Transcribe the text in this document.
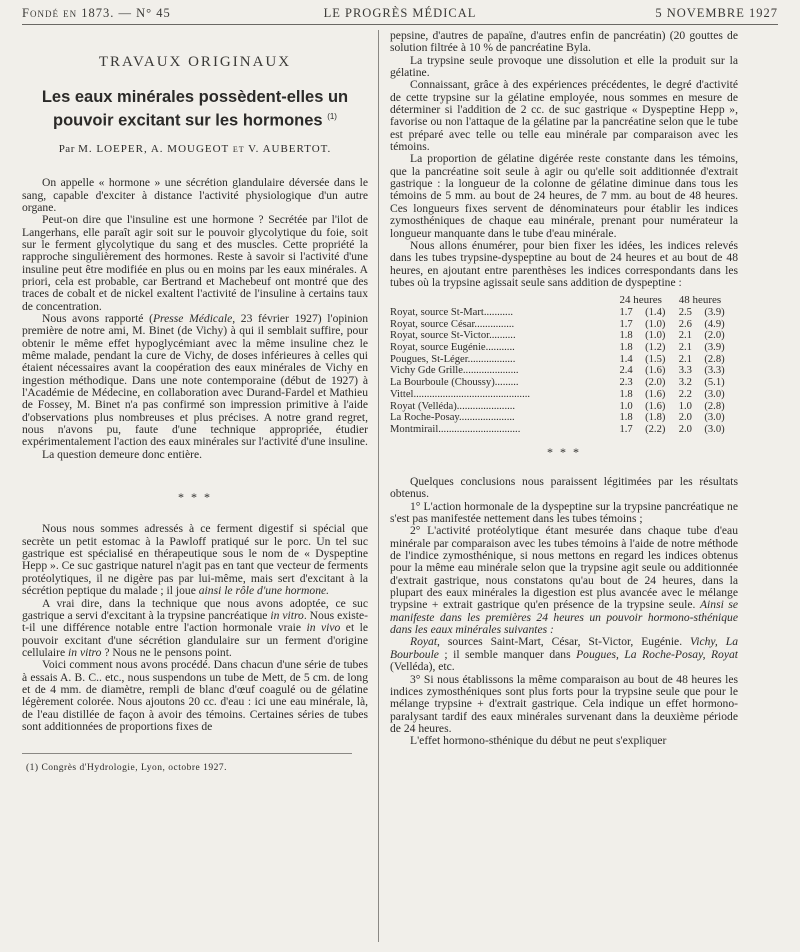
Fondé en 1873. — N° 45	LE PROGRÈS MÉDICAL	5 NOVEMBRE 1927
TRAVAUX ORIGINAUX
Les eaux minérales possèdent-elles un pouvoir excitant sur les hormones $^{(1)}$
Par M. LOEPER, A. MOUGEOT et V. AUBERTOT.

On appelle « hormone » une sécrétion glandulaire déversée dans le sang, capable d'exciter à distance l'activité physiologique d'un autre organe.

Peut-on dire que l'insuline est une hormone ? Secrétée par l'ilot de Langerhans, elle paraît agir soit sur le pouvoir glycolytique du foie, soit sur le ferment glycolytique du sang et des muscles. Cette propriété la rapproche singulièrement des hormones. Reste à savoir si l'activité d'une insuline peut être modifiée en plus ou en moins par les eaux minérales. A priori, cela est probable, car Bertrand et Machebeuf ont montré que des traces de cobalt et de nickel exaltent l'activité de l'insuline à certains taux de concentration.

Nous avons rapporté (Presse Médicale, 23 février 1927) l'opinion première de notre ami, M. Binet (de Vichy) à qui il semblait suffire, pour obtenir le même effet hypoglycémiant avec la même insuline chez le même malade, pendant la cure de Vichy, de doses inférieures à celles qui étaient nécessaires avant la coopération des eaux minérales de Vichy en ingestion méthodique. Dans une note contemporaine (début de 1927) à l'Académie de Médecine, en collaboration avec Durand-Fardel et Mathieu de Fossey, M. Binet n'a pas confirmé son impression primitive à l'aide d'observations plus nombreuses et plus précises. A notre grand regret, nous n'avons pu, faute d'une technique appropriée, étudier expérimentalement l'action des eaux minérales sur l'activité d'une insuline.

La question demeure donc entière.

* * *

Nous nous sommes adressés à ce ferment digestif si spécial que secrète un petit estomac à la Pawloff pratiqué sur le porc. Un tel suc gastrique est spécialisé en thérapeutique sous le nom de « Dyspeptine Hepp ». Ce suc gastrique naturel n'agit pas en tant que vecteur de ferments protéolytiques, il ne digère pas par lui-même, mais sert d'excitant à la sécrétion peptique du malade ; il joue ainsi le rôle d'une hormone.

A vrai dire, dans la technique que nous avons adoptée, ce suc gastrique a servi d'excitant à la trypsine pancréatique in vitro. Nous existe-t-il une différence notable entre l'action hormonale vraie in vivo et le pouvoir excitant d'une sécrétion glandulaire sur un ferment d'origine cellulaire in vitro ? Nous ne le pensons point.

Voici comment nous avons procédé. Dans chacun d'une série de tubes à essais A. B. C.. etc., nous suspendons un tube de Mett, de 5 cm. de long et de 4 mm. de diamètre, rempli de blanc d'œuf coagulé ou de gélatine légèrement colorée. Nous ajoutons 20 cc. d'eau : ici une eau minérale, là, de l'eau distillée de façon à avoir des témoins. Certaines séries de tubes sont additionnées de proportions fixes de

(1) Congrès d'Hydrologie, Lyon, octobre 1927.

pepsine, d'autres de papaïne, d'autres enfin de pancréatin) (20 gouttes de solution filtrée à 10 % de pancréatine Byla.

La trypsine seule provoque une dissolution et elle la produit sur la gélatine.

Connaissant, grâce à des expériences précédentes, le degré d'activité de cette trypsine sur la gélatine employée, nous sommes en mesure de déterminer si l'addition de 2 cc. de suc gastrique « Dyspeptine Hepp », favorise ou non l'attaque de la gélatine par la pancréatine selon que le tube est préparé avec telle ou telle eau minérale par comparaison avec les témoins.

La proportion de gélatine digérée reste constante dans les témoins, que la pancréatine soit seule à agir ou qu'elle soit additionnée d'extrait gastrique : la longueur de la colonne de gélatine diminue dans tous les témoins de 5 mm. au bout de 24 heures, de 7 mm. au bout de 48 heures. Ces longueurs fixes servent de dénominateurs pour établir les indices zymosthéniques de chaque eau minérale, prenant pour numérateur la longueur manquante dans le tube d'eau minérale.

Nous allons énumérer, pour bien fixer les idées, les indices relevés dans les tubes trypsine-dyspeptine au bout de 24 heures et au bout de 48 heures, en ajoutant entre parenthèses les indices correspondants dans les tubes où la trypsine agissait seule sans addition de dyspeptine :

	24 heures		48 heures	
Royat, source St-Mart...........	1.7	(1.4)	2.5	(3.9)
Royat, source César...............	1.7	(1.0)	2.6	(4.9)
Royat, source St-Victor..........	1.8	(1.0)	2.1	(2.0)
Royat, source Eugénie...........	1.8	(1.2)	2.1	(3.9)
Pougues, St-Léger..................	1.4	(1.5)	2.1	(2.8)
Vichy Gde Grille.....................	2.4	(1.6)	3.3	(3.3)
La Bourboule (Choussy).........	2.3	(2.0)	3.2	(5.1)
Vittel............................................	1.8	(1.6)	2.2	(3.0)
Royat (Velléda)......................	1.0	(1.6)	1.0	(2.8)
La Roche-Posay.....................	1.8	(1.8)	2.0	(3.0)
Montmirail...............................	1.7	(2.2)	2.0	(3.0)
* * *

Quelques conclusions nous paraissent légitimées par les résultats obtenus.

1° L'action hormonale de la dyspeptine sur la trypsine pancréatique ne s'est pas manifestée nettement dans les tubes témoins ;

2° L'activité protéolytique étant mesurée dans chaque tube d'eau minérale par comparaison avec les tubes témoins à l'aide de notre méthode de l'indice zymosthénique, si nous mettons en regard les indices obtenus pour la même eau minérale selon que la trypsine agit seule ou additionnée d'extrait gastrique, nous constatons qu'au bout de 24 heures, dans la plupart des eaux minérales la digestion est plus avancée avec le mélange trypsine + extrait gastrique qu'en présence de la trypsine seule. Ainsi se manifeste dans les premières 24 heures un pouvoir hormono-sthénique dans les eaux minérales suivantes :

Royat, sources Saint-Mart, César, St-Victor, Eugénie. Vichy, La Bourboule ; il semble manquer dans Pougues, La Roche-Posay, Royat (Velléda), etc.

3° Si nous établissons la même comparaison au bout de 48 heures les indices zymosthéniques sont plus forts pour la trypsine seule que pour le mélange trypsine + d'extrait gastrique. Cela indique un effet hormono-paralysant tardif des eaux minérales survenant dans la deuxième période de 24 heures.

L'effet hormono-sthénique du début ne peut s'expliquer
